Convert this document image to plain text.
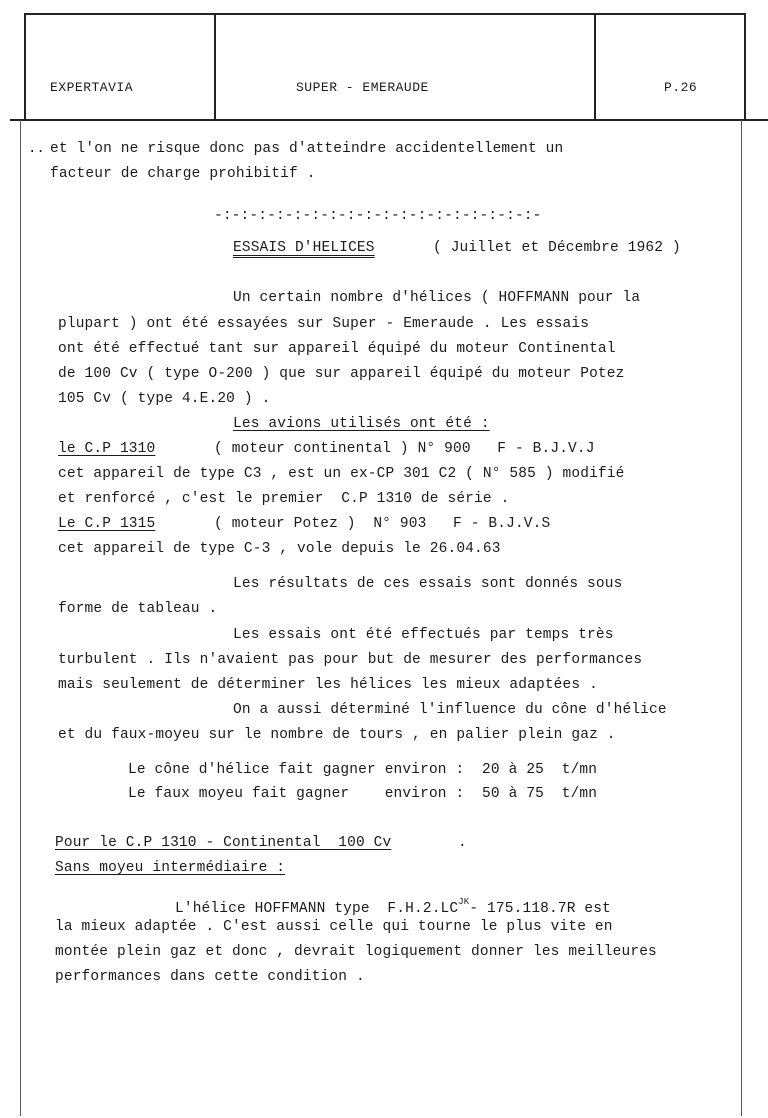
EXPERTAVIA	SUPER - EMERAUDE	P.26
.. et l'on ne risque donc pas d'atteindre accidentellement un
facteur de charge prohibitif .
-:-:-:-:-:-:-:-:-:-:-:-:-:-:-:-:-:-:-
ESSAIS D'HELICES	( Juillet et Décembre 1962 )
Un certain nombre d'hélices ( HOFFMANN pour la
plupart ) ont été essayées sur Super - Emeraude . Les essais
ont été effectué tant sur appareil équipé du moteur Continental
de 100 Cv ( type O-200 ) que sur appareil équipé du moteur Potez
105 Cv ( type 4.E.20 ) .
Les avions utilisés ont été :
le C.P 1310	( moteur continental ) N° 900   F - B.J.V.J
cet appareil de type C3 , est un ex-CP 301 C2 ( N° 585 ) modifié
et renforcé , c'est le premier  C.P 1310 de série .
Le C.P 1315	( moteur Potez )  N° 903   F - B.J.V.S
cet appareil de type C-3 , vole depuis le 26.04.63
Les résultats de ces essais sont donnés sous
forme de tableau .
Les essais ont été effectués par temps très
turbulent . Ils n'avaient pas pour but de mesurer des performances
mais seulement de déterminer les hélices les mieux adaptées .
On a aussi déterminé l'influence du cône d'hélice
et du faux-moyeu sur le nombre de tours , en palier plein gaz .
Le cône d'hélice fait gagner environ :  20 à 25  t/mn
Le faux moyeu fait gagner    environ :  50 à 75  t/mn
Pour le C.P 1310 - Continental  100 Cv	.
Sans moyeu intermédiaire :
L'hélice HOFFMANN type  $F.H.2.LC^{JK}-$ 175.118.7R est
la mieux adaptée . C'est aussi celle qui tourne le plus vite en
montée plein gaz et donc , devrait logiquement donner les meilleures
performances dans cette condition .
